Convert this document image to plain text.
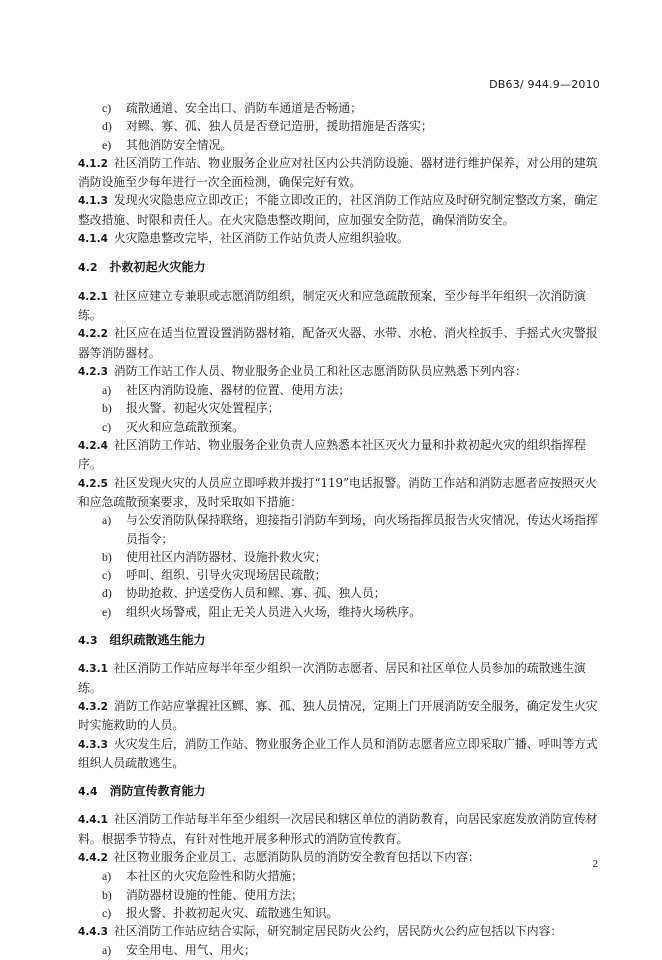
DB63/ 944.9—2010
c) 疏散通道、安全出口、消防车通道是否畅通；
d) 对鳏、寡、孤、独人员是否登记造册，援助措施是否落实；
e) 其他消防安全情况。
4.1.2 社区消防工作站、物业服务企业应对社区内公共消防设施、器材进行维护保养，对公用的建筑消防设施至少每年进行一次全面检测，确保完好有效。
4.1.3 发现火灾隐患应立即改正；不能立即改正的，社区消防工作站应及时研究制定整改方案，确定整改措施、时限和责任人。在火灾隐患整改期间，应加强安全防范，确保消防安全。
4.1.4 火灾隐患整改完毕，社区消防工作站负责人应组织验收。
4.2 扑救初起火灾能力
4.2.1 社区应建立专兼职或志愿消防组织，制定灭火和应急疏散预案，至少每半年组织一次消防演练。
4.2.2 社区应在适当位置设置消防器材箱，配备灭火器、水带、水枪、消火栓扳手、手摇式火灾警报器等消防器材。
4.2.3 消防工作站工作人员、物业服务企业员工和社区志愿消防队员应熟悉下列内容：
a) 社区内消防设施、器材的位置、使用方法；
b) 报火警、初起火灾处置程序；
c) 灭火和应急疏散预案。
4.2.4 社区消防工作站、物业服务企业负责人应熟悉本社区灭火力量和扑救初起火灾的组织指挥程序。
4.2.5 社区发现火灾的人员应立即呼救并拨打“119”电话报警。消防工作站和消防志愿者应按照灭火和应急疏散预案要求，及时采取如下措施：
a) 与公安消防队保持联络，迎接指引消防车到场，向火场指挥员报告火灾情况，传达火场指挥员指令；
b) 使用社区内消防器材、设施扑救火灾；
c) 呼叫、组织、引导火灾现场居民疏散；
d) 协助抢救、护送受伤人员和鳏、寡、孤、独人员；
e) 组织火场警戒，阻止无关人员进入火场，维持火场秩序。
4.3 组织疏散逃生能力
4.3.1 社区消防工作站应每半年至少组织一次消防志愿者、居民和社区单位人员参加的疏散逃生演练。
4.3.2 消防工作站应掌握社区鳏、寡、孤、独人员情况，定期上门开展消防安全服务，确定发生火灾时实施救助的人员。
4.3.3 火灾发生后，消防工作站、物业服务企业工作人员和消防志愿者应立即采取广播、呼叫等方式组织人员疏散逃生。
4.4 消防宣传教育能力
4.4.1 社区消防工作站每半年至少组织一次居民和辖区单位的消防教育，向居民家庭发放消防宣传材料。根据季节特点，有针对性地开展多种形式的消防宣传教育。
4.4.2 社区物业服务企业员工、志愿消防队员的消防安全教育包括以下内容：
a) 本社区的火灾危险性和防火措施；
b) 消防器材设施的性能、使用方法；
c) 报火警、扑救初起火灾、疏散逃生知识。
4.4.3 社区消防工作站应结合实际，研究制定居民防火公约，居民防火公约应包括以下内容：
a) 安全用电、用气、用火；
2
